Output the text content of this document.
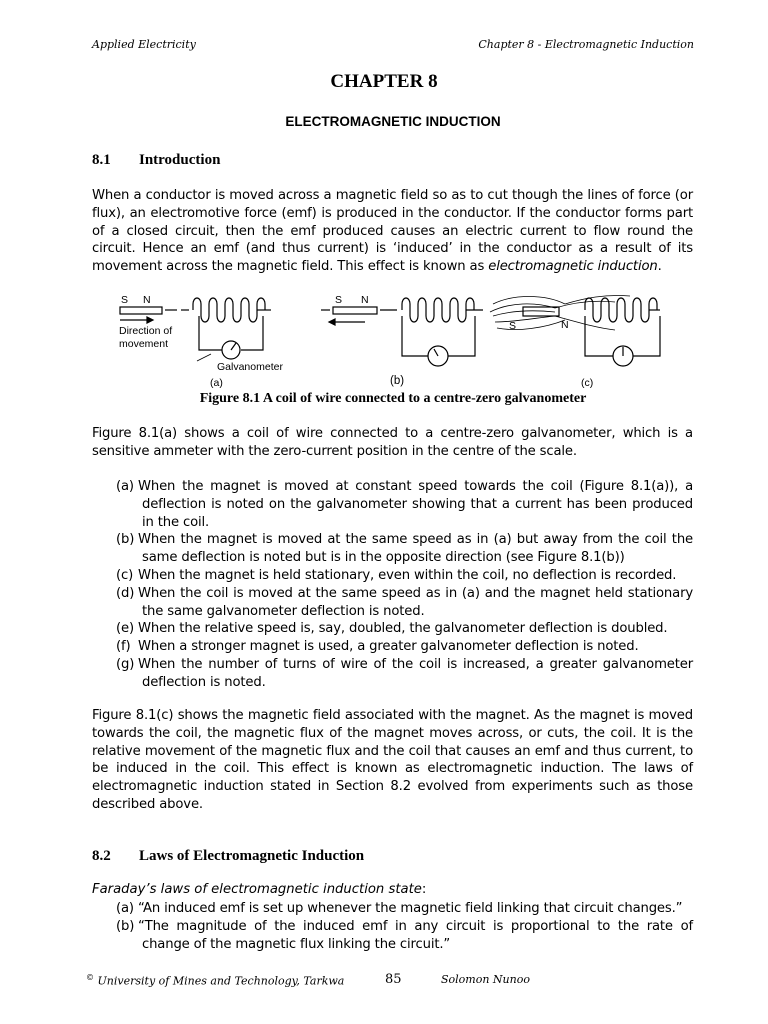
Applied Electricity	Chapter 8 - Electromagnetic Induction
CHAPTER 8
ELECTROMAGNETIC INDUCTION
8.1 Introduction
When a conductor is moved across a magnetic field so as to cut though the lines of force (or flux), an electromotive force (emf) is produced in the conductor. If the conductor forms part of a closed circuit, then the emf produced causes an electric current to flow round the circuit. Hence an emf (and thus current) is ‘induced’ in the conductor as a result of its movement across the magnetic field. This effect is known as electromagnetic induction.
S N
Direction of
movement
Galvanometer
S N
S	N
(a)	(b)	(c)
Figure 8.1 A coil of wire connected to a centre-zero galvanometer
Figure 8.1(a) shows a coil of wire connected to a centre-zero galvanometer, which is a sensitive ammeter with the zero-current position in the centre of the scale.
(a) When the magnet is moved at constant speed towards the coil (Figure 8.1(a)), a deflection is noted on the galvanometer showing that a current has been produced in the coil.
(b) When the magnet is moved at the same speed as in (a) but away from the coil the same deflection is noted but is in the opposite direction (see Figure 8.1(b))
(c) When the magnet is held stationary, even within the coil, no deflection is recorded.
(d) When the coil is moved at the same speed as in (a) and the magnet held stationary the same galvanometer deflection is noted.
(e) When the relative speed is, say, doubled, the galvanometer deflection is doubled.
(f) When a stronger magnet is used, a greater galvanometer deflection is noted.
(g) When the number of turns of wire of the coil is increased, a greater galvanometer deflection is noted.
Figure 8.1(c) shows the magnetic field associated with the magnet. As the magnet is moved towards the coil, the magnetic flux of the magnet moves across, or cuts, the coil. It is the relative movement of the magnetic flux and the coil that causes an emf and thus current, to be induced in the coil. This effect is known as electromagnetic induction. The laws of electromagnetic induction stated in Section 8.2 evolved from experiments such as those described above.
8.2 Laws of Electromagnetic Induction
Faraday’s laws of electromagnetic induction state:
(a) “An induced emf is set up whenever the magnetic field linking that circuit changes.”
(b) “The magnitude of the induced emf in any circuit is proportional to the rate of change of the magnetic flux linking the circuit.”
© University of Mines and Technology, Tarkwa	85	Solomon Nunoo
